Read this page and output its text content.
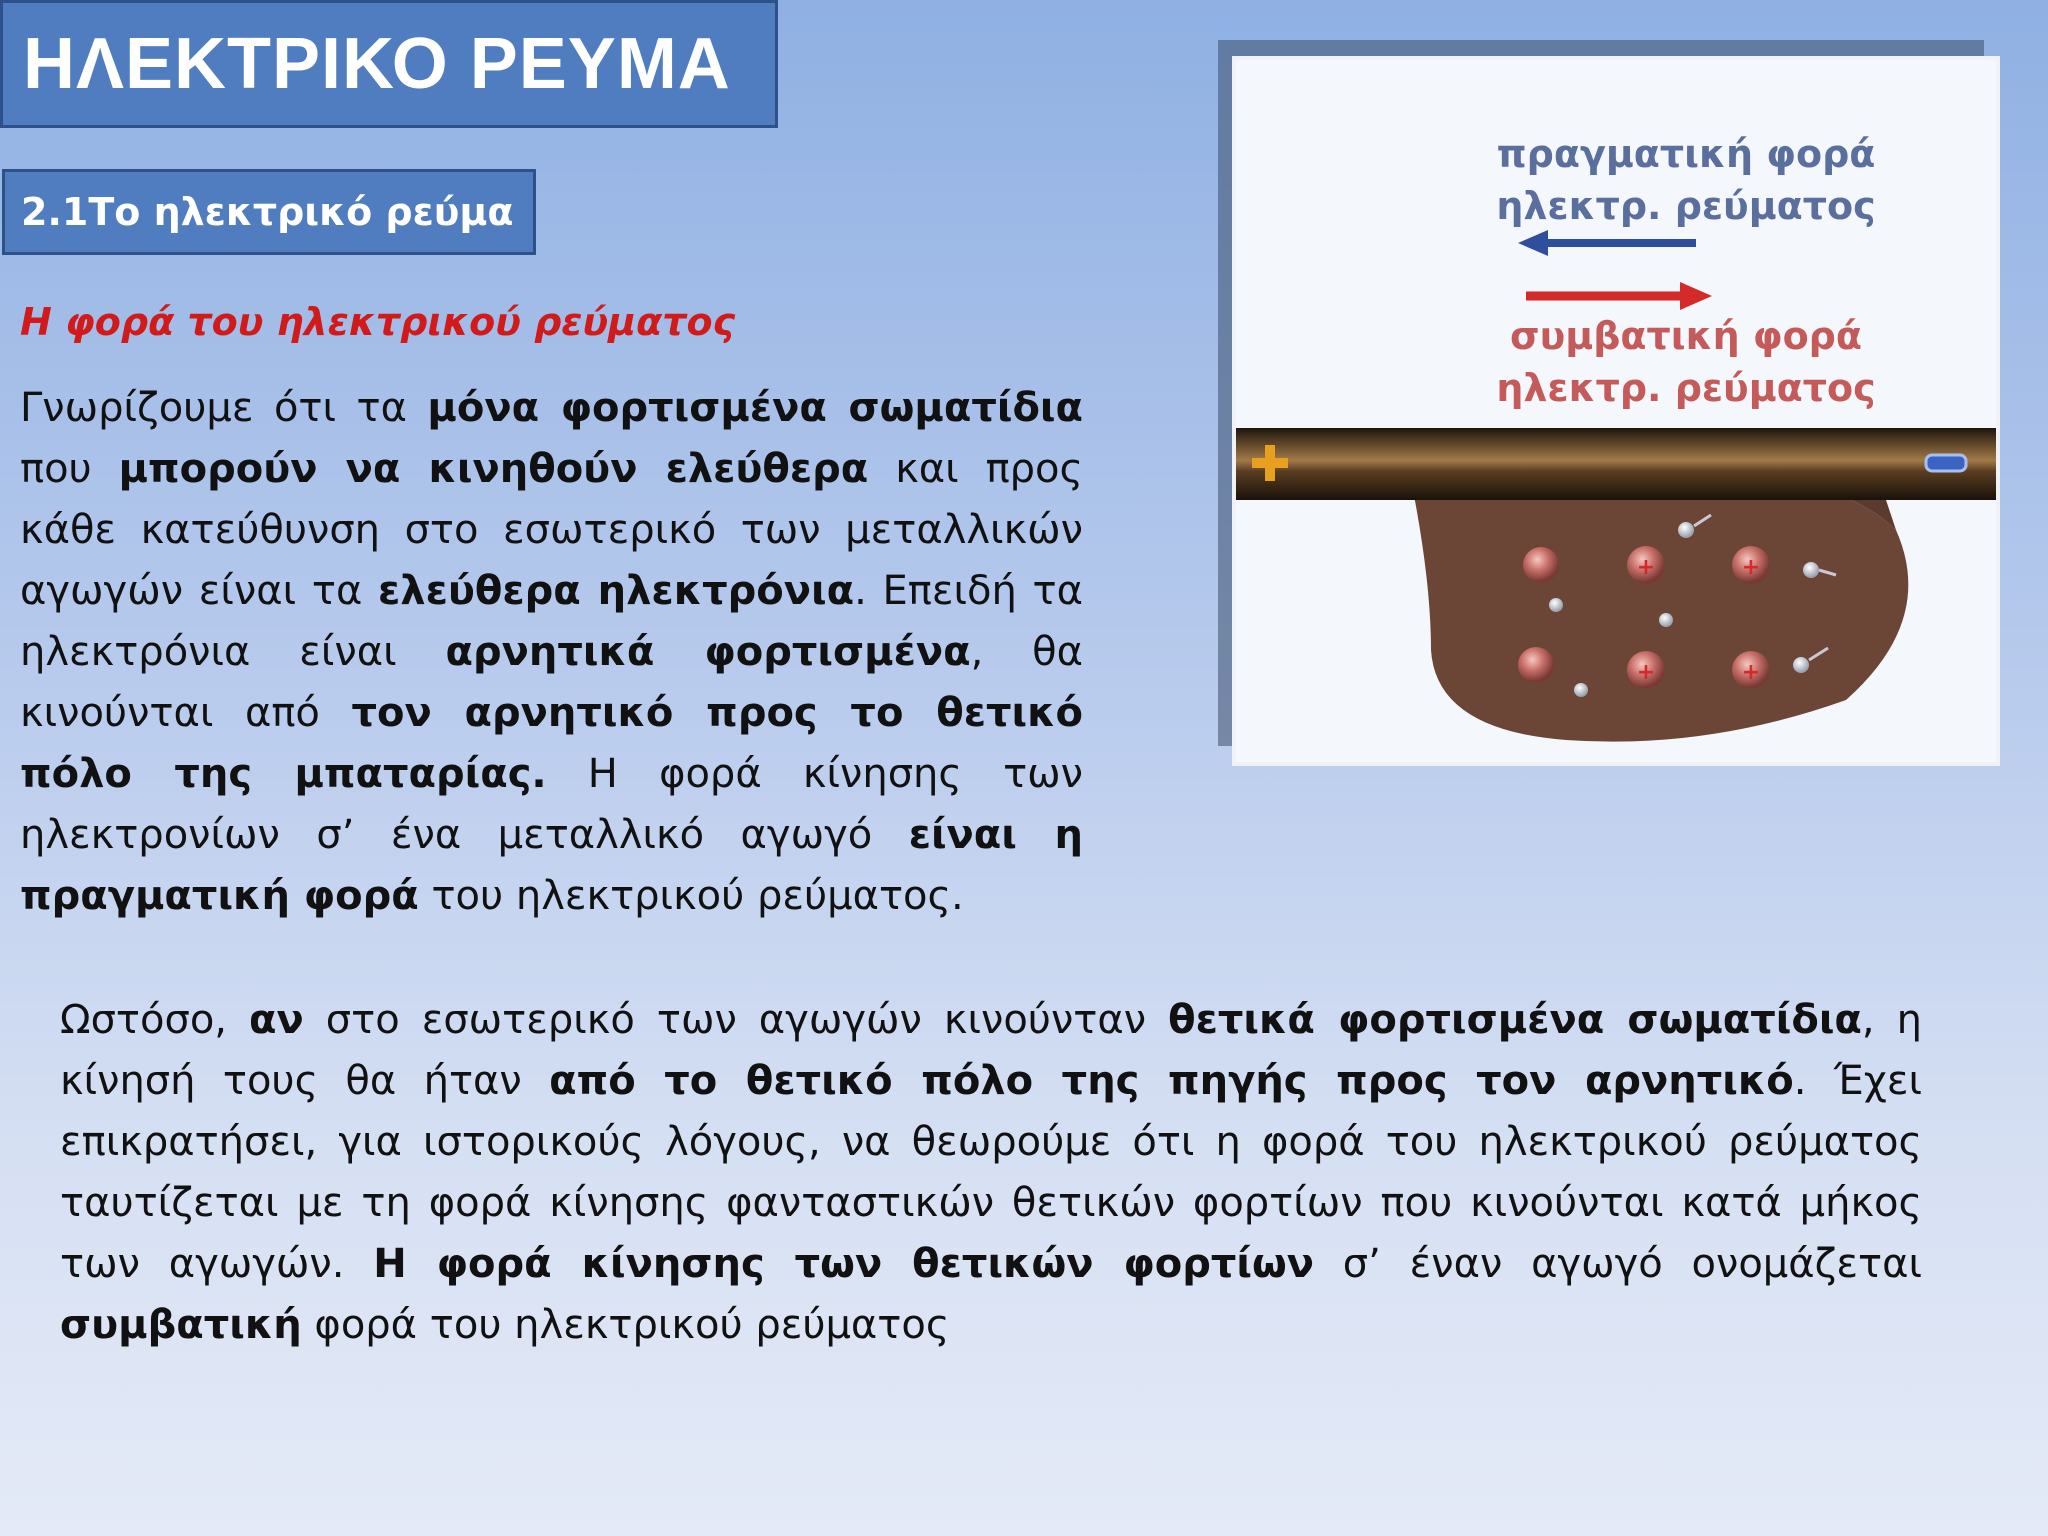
ΗΛΕΚΤΡΙΚΟ ΡΕΥΜΑ
2.1Το ηλεκτρικό ρεύμα
Η φορά του ηλεκτρικού ρεύματος
Γνωρίζουμε ότι τα μόνα φορτισμένα σωματίδια που μπορούν να κινηθούν ελεύθερα και προς κάθε κατεύθυνση στο εσωτερικό των μεταλλικών αγωγών είναι τα ελεύθερα ηλεκτρόνια. Επειδή τα ηλεκτρόνια είναι αρνητικά φορτισμένα, θα κινούνται από τον αρνητικό προς το θετικό πόλο της μπαταρίας. Η φορά κίνησης των ηλεκτρονίων σ’ ένα μεταλλικό αγωγό είναι η πραγματική φορά του ηλεκτρικού ρεύματος.
+	+
+	+
πραγματική φορά
ηλεκτρ. ρεύματος
συμβατική φορά
ηλεκτρ. ρεύματος
Ωστόσο, αν στο εσωτερικό των αγωγών κινούνταν θετικά φορτισμένα σωματίδια, η κίνησή τους θα ήταν από το θετικό πόλο της πηγής προς τον αρνητικό. Έχει επικρατήσει, για ιστορικούς λόγους, να θεωρούμε ότι η φορά του ηλεκτρικού ρεύματος ταυτίζεται με τη φορά κίνησης φανταστικών θετικών φορτίων που κινούνται κατά μήκος των αγωγών. Η φορά κίνησης των θετικών φορτίων σ’ έναν αγωγό ονομάζεται συμβατική φορά του ηλεκτρικού ρεύματος
